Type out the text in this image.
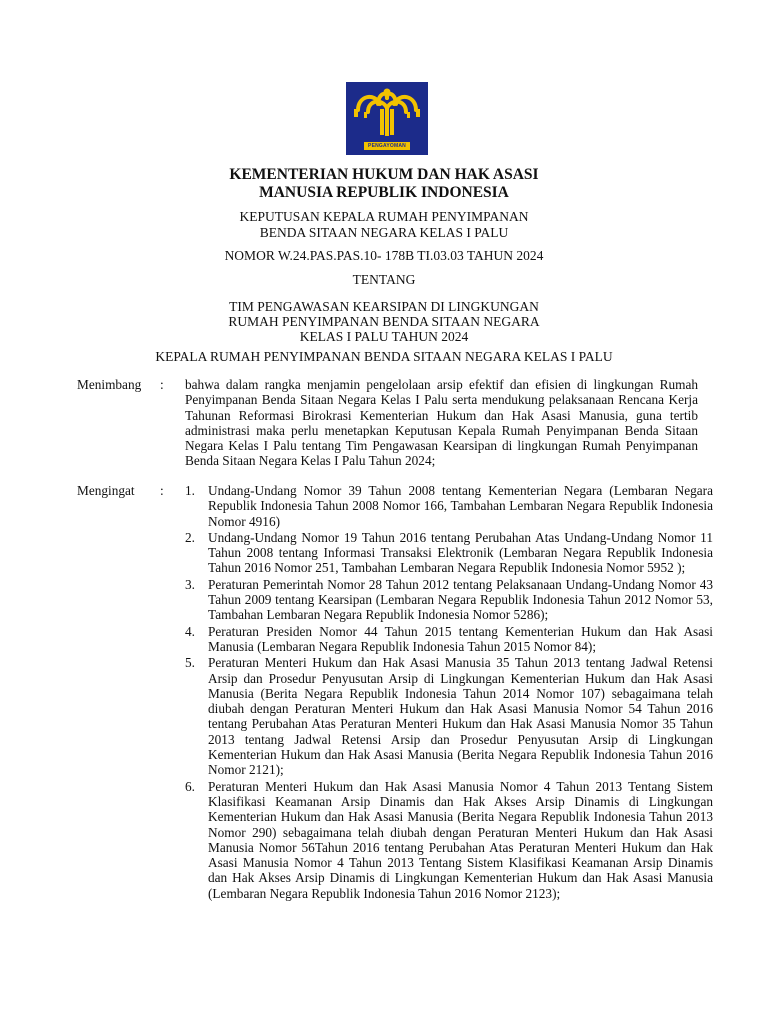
PENGAYOMAN
KEMENTERIAN HUKUM DAN HAK ASASI
MANUSIA REPUBLIK INDONESIA
KEPUTUSAN KEPALA RUMAH PENYIMPANAN
BENDA SITAAN NEGARA KELAS I PALU
NOMOR W.24.PAS.PAS.10- 178B TI.03.03 TAHUN 2024
TENTANG
TIM PENGAWASAN KEARSIPAN DI LINGKUNGAN
RUMAH PENYIMPANAN BENDA SITAAN NEGARA
KELAS I PALU TAHUN 2024
KEPALA RUMAH PENYIMPANAN BENDA SITAAN NEGARA KELAS I PALU
Menimbang : bahwa dalam rangka menjamin pengelolaan arsip efektif dan efisien di lingkungan Rumah Penyimpanan Benda Sitaan Negara Kelas I Palu serta mendukung pelaksanaan Rencana Kerja Tahunan Reformasi Birokrasi Kementerian Hukum dan Hak Asasi Manusia, guna tertib administrasi maka perlu menetapkan Keputusan Kepala Rumah Penyimpanan Benda Sitaan Negara Kelas I Palu tentang Tim Pengawasan Kearsipan di lingkungan Rumah Penyimpanan Benda Sitaan Negara Kelas I Palu Tahun 2024;
Mengingat : 1. Undang-Undang Nomor 39 Tahun 2008 tentang Kementerian Negara (Lembaran Negara Republik Indonesia Tahun 2008 Nomor 166, Tambahan Lembaran Negara Republik Indonesia Nomor 4916)
2. Undang-Undang Nomor 19 Tahun 2016 tentang Perubahan Atas Undang-Undang Nomor 11 Tahun 2008 tentang Informasi Transaksi Elektronik (Lembaran Negara Republik Indonesia Tahun 2016 Nomor 251, Tambahan Lembaran Negara Republik Indonesia Nomor 5952 );
3. Peraturan Pemerintah Nomor 28 Tahun 2012 tentang Pelaksanaan Undang-Undang Nomor 43 Tahun 2009 tentang Kearsipan (Lembaran Negara Republik Indonesia Tahun 2012 Nomor 53, Tambahan Lembaran Negara Republik Indonesia Nomor 5286);
4. Peraturan Presiden Nomor 44 Tahun 2015 tentang Kementerian Hukum dan Hak Asasi Manusia (Lembaran Negara Republik Indonesia Tahun 2015 Nomor 84);
5. Peraturan Menteri Hukum dan Hak Asasi Manusia 35 Tahun 2013 tentang Jadwal Retensi Arsip dan Prosedur Penyusutan Arsip di Lingkungan Kementerian Hukum dan Hak Asasi Manusia (Berita Negara Republik Indonesia Tahun 2014 Nomor 107) sebagaimana telah diubah dengan Peraturan Menteri Hukum dan Hak Asasi Manusia Nomor 54 Tahun 2016 tentang Perubahan Atas Peraturan Menteri Hukum dan Hak Asasi Manusia Nomor 35 Tahun 2013 tentang Jadwal Retensi Arsip dan Prosedur Penyusutan Arsip di Lingkungan Kementerian Hukum dan Hak Asasi Manusia (Berita Negara Republik Indonesia Tahun 2016 Nomor 2121);
6. Peraturan Menteri Hukum dan Hak Asasi Manusia Nomor 4 Tahun 2013 Tentang Sistem Klasifikasi Keamanan Arsip Dinamis dan Hak Akses Arsip Dinamis di Lingkungan Kementerian Hukum dan Hak Asasi Manusia (Berita Negara Republik Indonesia Tahun 2013 Nomor 290) sebagaimana telah diubah dengan Peraturan Menteri Hukum dan Hak Asasi Manusia Nomor 56Tahun 2016 tentang Perubahan Atas Peraturan Menteri Hukum dan Hak Asasi Manusia Nomor 4 Tahun 2013 Tentang Sistem Klasifikasi Keamanan Arsip Dinamis dan Hak Akses Arsip Dinamis di Lingkungan Kementerian Hukum dan Hak Asasi Manusia (Lembaran Negara Republik Indonesia Tahun 2016 Nomor 2123);
